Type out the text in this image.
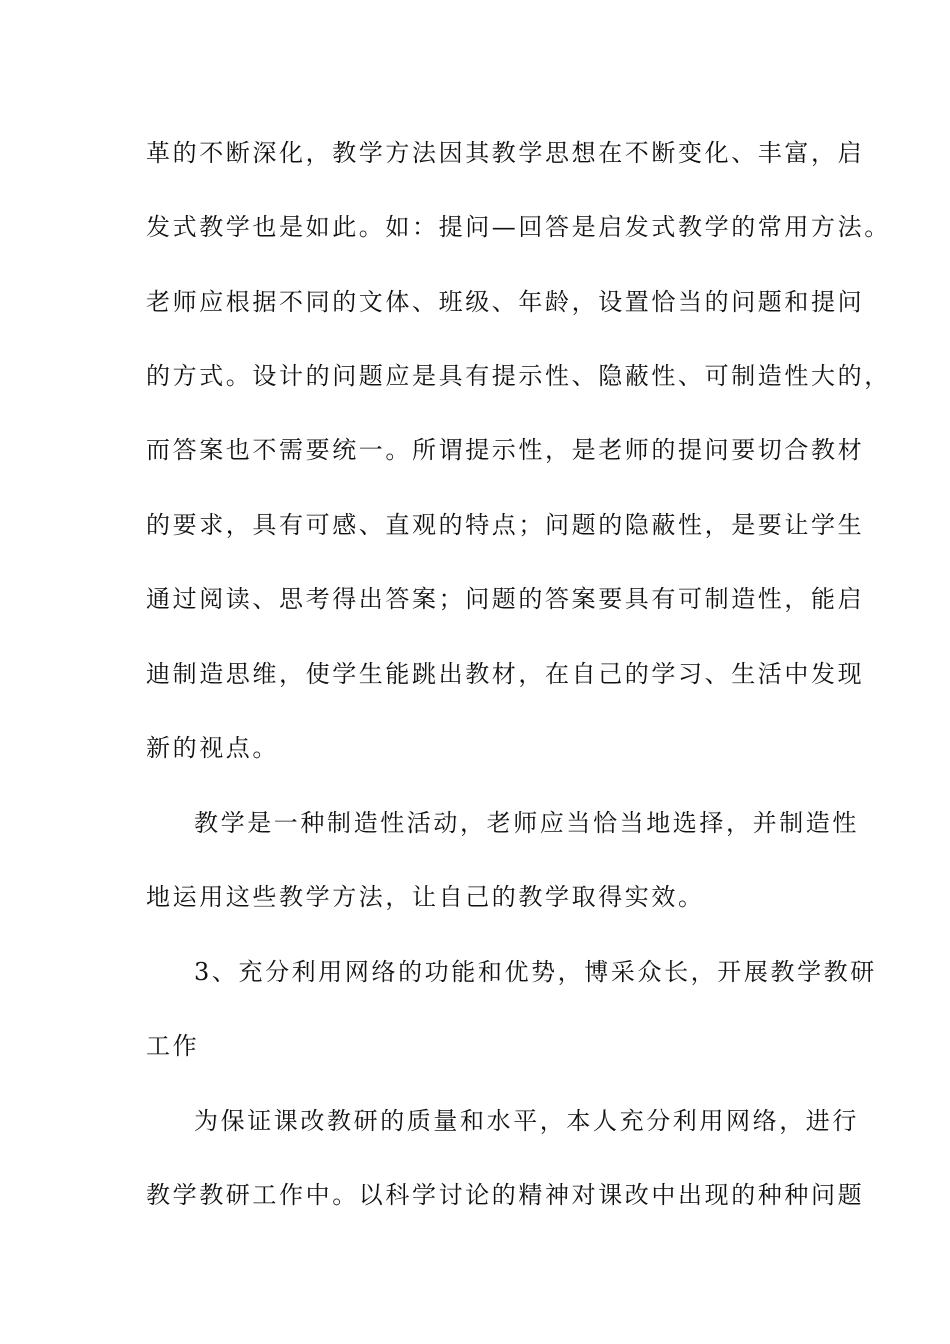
革的不断深化，教学方法因其教学思想在不断变化、丰富，启
发式教学也是如此。如：提问—回答是启发式教学的常用方法。
老师应根据不同的文体、班级、年龄，设置恰当的问题和提问
的方式。设计的问题应是具有提示性、隐蔽性、可制造性大的，
而答案也不需要统一。所谓提示性，是老师的提问要切合教材
的要求，具有可感、直观的特点；问题的隐蔽性，是要让学生
通过阅读、思考得出答案；问题的答案要具有可制造性，能启
迪制造思维，使学生能跳出教材，在自己的学习、生活中发现
新的视点。
教学是一种制造性活动，老师应当恰当地选择，并制造性
地运用这些教学方法，让自己的教学取得实效。
3、充分利用网络的功能和优势，博采众长，开展教学教研
工作
为保证课改教研的质量和水平，本人充分利用网络，进行
教学教研工作中。以科学讨论的精神对课改中出现的种种问题
